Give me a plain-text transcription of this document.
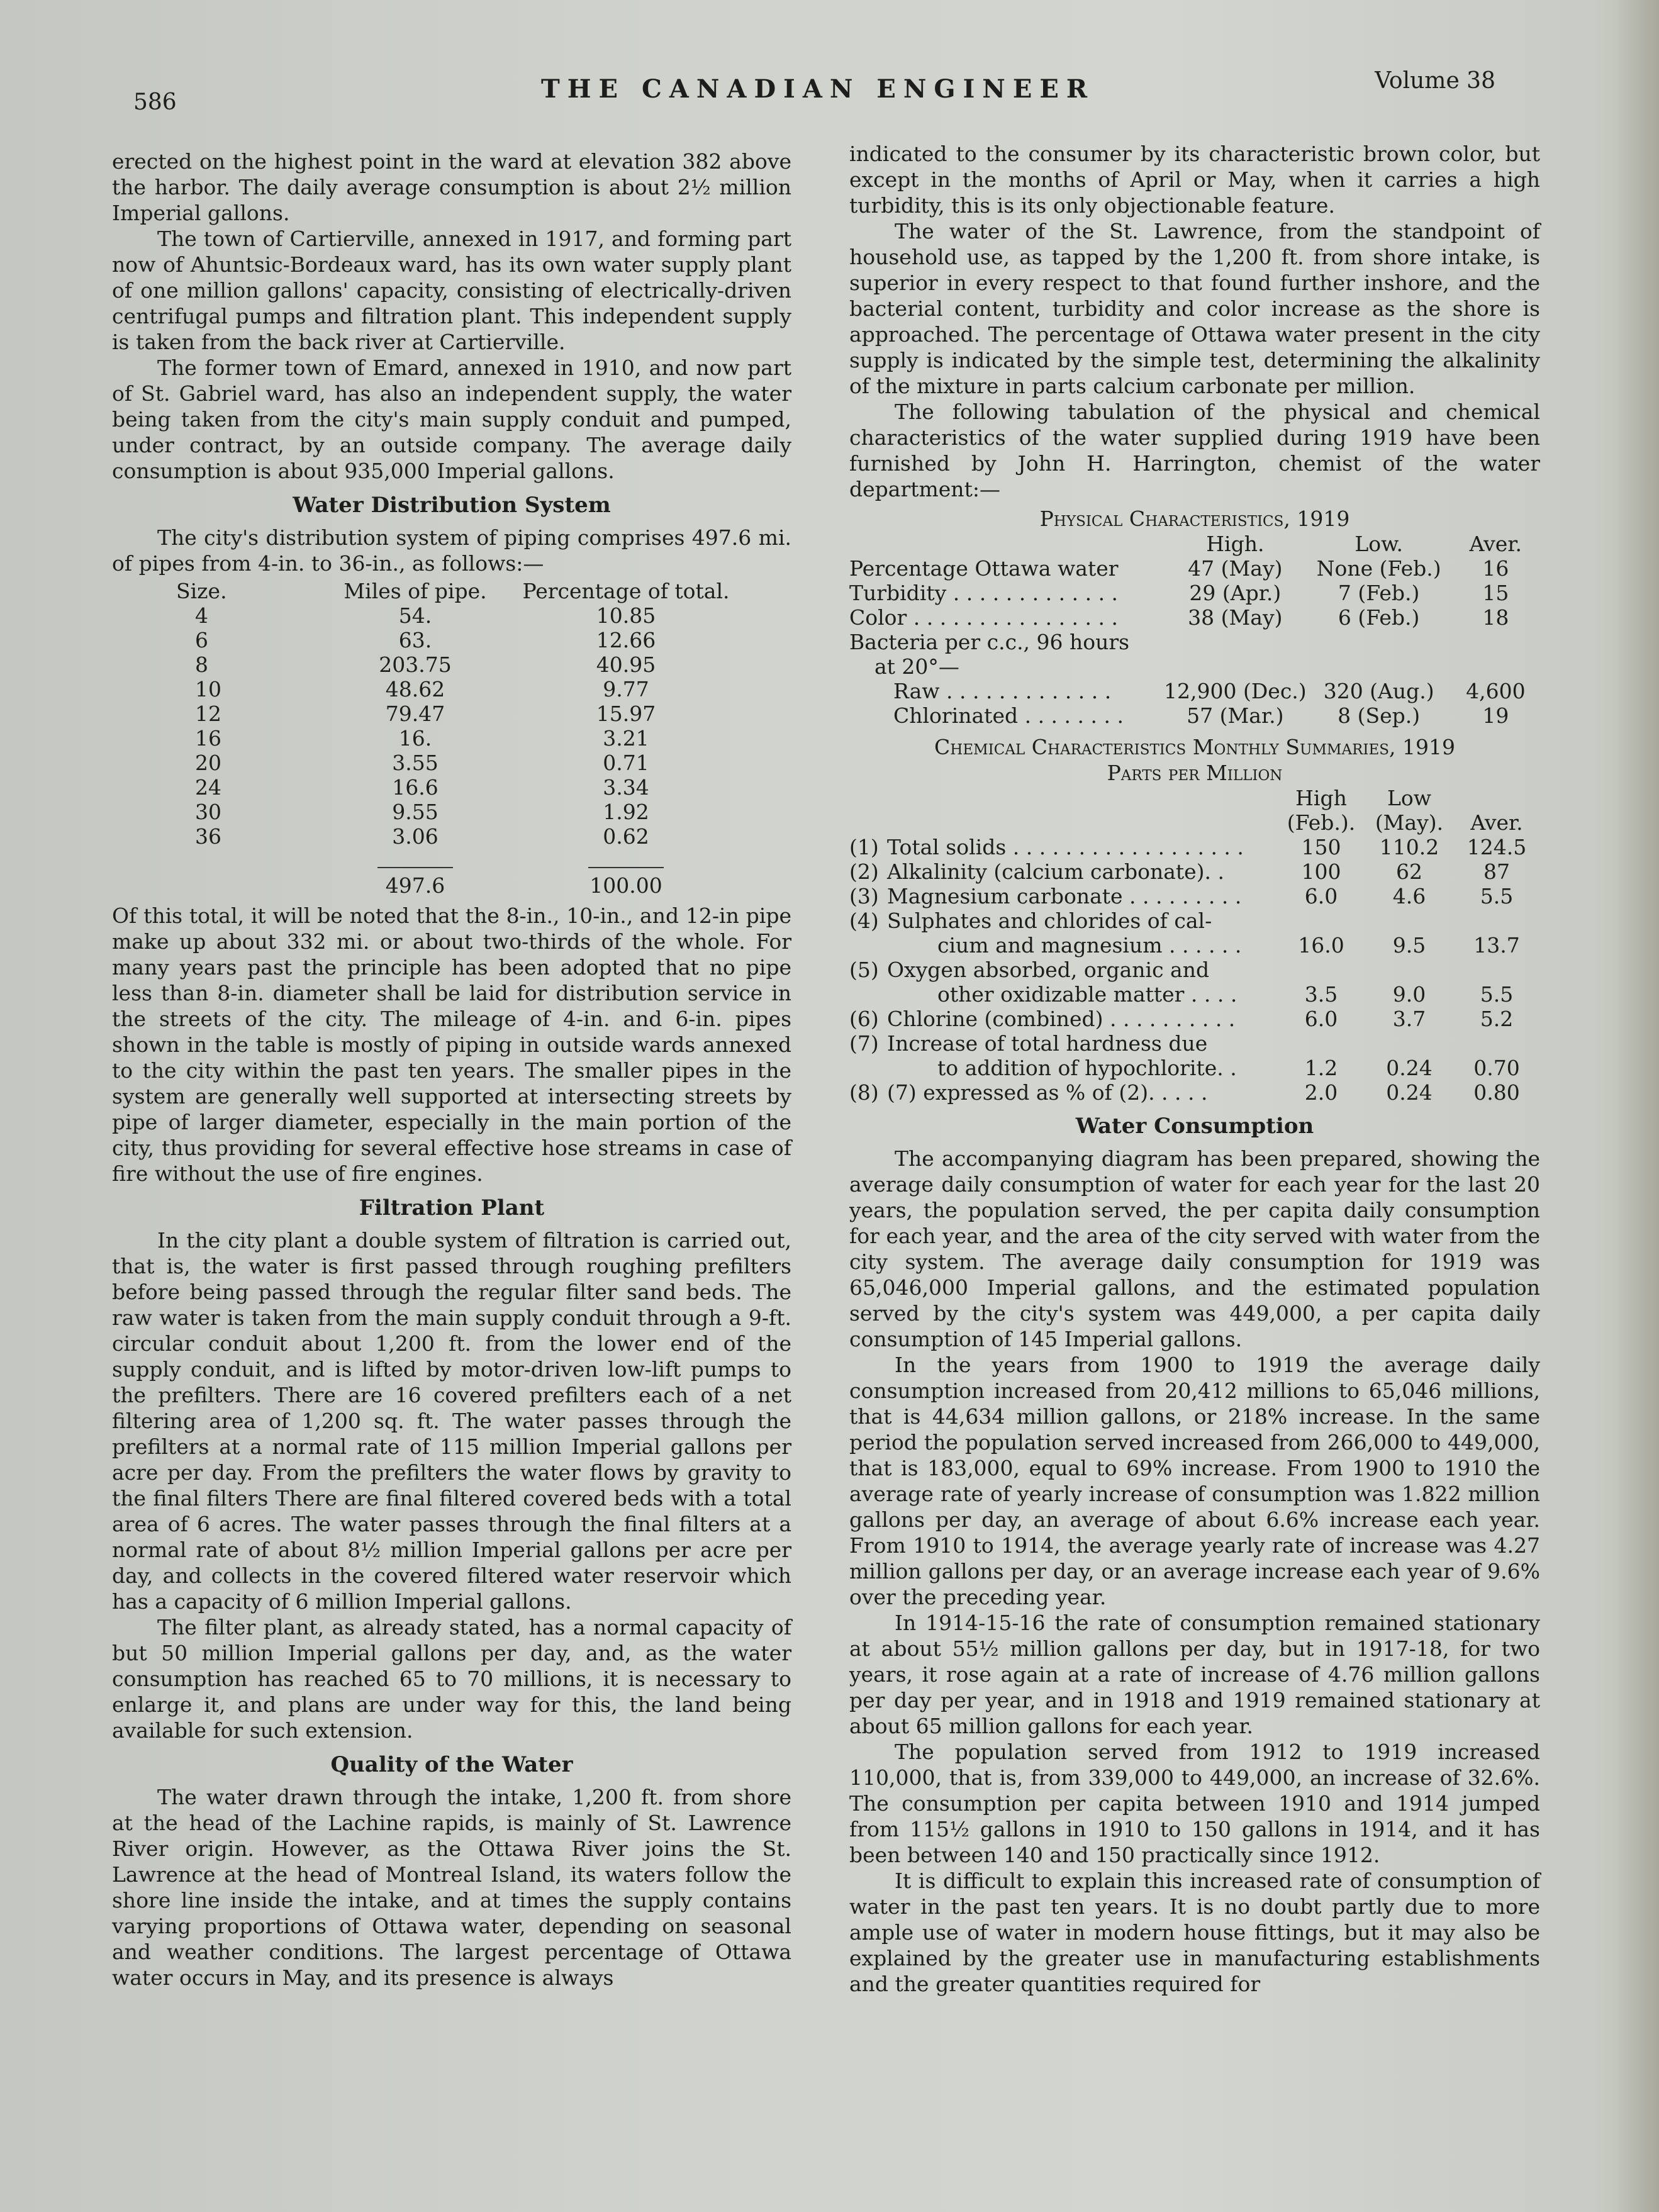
586	THE CANADIAN ENGINEER	Volume 38

erected on the highest point in the ward at elevation 382 above the harbor. The daily average consumption is about 2½ million Imperial gallons.

The town of Cartierville, annexed in 1917, and forming part now of Ahuntsic-Bordeaux ward, has its own water supply plant of one million gallons' capacity, consisting of electrically-driven centrifugal pumps and filtration plant. This independent supply is taken from the back river at Cartierville.

The former town of Emard, annexed in 1910, and now part of St. Gabriel ward, has also an independent supply, the water being taken from the city's main supply conduit and pumped, under contract, by an outside company. The average daily consumption is about 935,000 Imperial gallons.

Water Distribution System

The city's distribution system of piping comprises 497.6 mi. of pipes from 4-in. to 36-in., as follows:—

Size.	Miles of pipe.	Percentage of total.
4	54.	10.85
6	63.	12.66
8	203.75	40.95
10	48.62	9.77
12	79.47	15.97
16	16.	3.21
20	3.55	0.71
24	16.6	3.34
30	9.55	1.92
36	3.06	0.62

	497.6	100.00

Of this total, it will be noted that the 8-in., 10-in., and 12-in pipe make up about 332 mi. or about two-thirds of the whole. For many years past the principle has been adopted that no pipe less than 8-in. diameter shall be laid for distribution service in the streets of the city. The mileage of 4-in. and 6-in. pipes shown in the table is mostly of piping in outside wards annexed to the city within the past ten years. The smaller pipes in the system are generally well supported at intersecting streets by pipe of larger diameter, especially in the main portion of the city, thus providing for several effective hose streams in case of fire without the use of fire engines.

Filtration Plant

In the city plant a double system of filtration is carried out, that is, the water is first passed through roughing prefilters before being passed through the regular filter sand beds. The raw water is taken from the main supply conduit through a 9-ft. circular conduit about 1,200 ft. from the lower end of the supply conduit, and is lifted by motor-driven low-lift pumps to the prefilters. There are 16 covered prefilters each of a net filtering area of 1,200 sq. ft. The water passes through the prefilters at a normal rate of 115 million Imperial gallons per acre per day. From the prefilters the water flows by gravity to the final filters There are final filtered covered beds with a total area of 6 acres. The water passes through the final filters at a normal rate of about 8½ million Imperial gallons per acre per day, and collects in the covered filtered water reservoir which has a capacity of 6 million Imperial gallons.

The filter plant, as already stated, has a normal capacity of but 50 million Imperial gallons per day, and, as the water consumption has reached 65 to 70 millions, it is necessary to enlarge it, and plans are under way for this, the land being available for such extension.

Quality of the Water

The water drawn through the intake, 1,200 ft. from shore at the head of the Lachine rapids, is mainly of St. Lawrence River origin. However, as the Ottawa River joins the St. Lawrence at the head of Montreal Island, its waters follow the shore line inside the intake, and at times the supply contains varying proportions of Ottawa water, depending on seasonal and weather conditions. The largest percentage of Ottawa water occurs in May, and its presence is always

indicated to the consumer by its characteristic brown color, but except in the months of April or May, when it carries a high turbidity, this is its only objectionable feature.

The water of the St. Lawrence, from the standpoint of household use, as tapped by the 1,200 ft. from shore intake, is superior in every respect to that found further inshore, and the bacterial content, turbidity and color increase as the shore is approached. The percentage of Ottawa water present in the city supply is indicated by the simple test, determining the alkalinity of the mixture in parts calcium carbonate per million.

The following tabulation of the physical and chemical characteristics of the water supplied during 1919 have been furnished by John H. Harrington, chemist of the water department:—

Physical Characteristics, 1919
	High.	Low.	Aver.
Percentage Ottawa water	47 (May)	None (Feb.)	16
Turbidity . . . . . . . . . . . . .	29 (Apr.)	7 (Feb.)	15
Color . . . . . . . . . . . . . . . .	38 (May)	6 (Feb.)	18
Bacteria per c.c., 96 hours			
at 20°—			
Raw . . . . . . . . . . . . .	12,900 (Dec.)	320 (Aug.)	4,600
Chlorinated . . . . . . . .	57 (Mar.)	8 (Sep.)	19
Chemical Characteristics Monthly Summaries, 1919
Parts per Million
		High	Low	
		(Feb.).	(May).	Aver.
(1)	Total solids . . . . . . . . . . . . . . . . . .	150	110.2	124.5
(2)	Alkalinity (calcium carbonate). .	100	62	87
(3)	Magnesium carbonate . . . . . . . . .	6.0	4.6	5.5
(4)	Sulphates and chlorides of cal-			
	cium and magnesium . . . . . .	16.0	9.5	13.7
(5)	Oxygen absorbed, organic and			
	other oxidizable matter . . . .	3.5	9.0	5.5
(6)	Chlorine (combined) . . . . . . . . . .	6.0	3.7	5.2
(7)	Increase of total hardness due			
	to addition of hypochlorite. .	1.2	0.24	0.70
(8)	(7) expressed as % of (2). . . . .	2.0	0.24	0.80
Water Consumption

The accompanying diagram has been prepared, showing the average daily consumption of water for each year for the last 20 years, the population served, the per capita daily consumption for each year, and the area of the city served with water from the city system. The average daily consumption for 1919 was 65,046,000 Imperial gallons, and the estimated population served by the city's system was 449,000, a per capita daily consumption of 145 Imperial gallons.

In the years from 1900 to 1919 the average daily consumption increased from 20,412 millions to 65,046 millions, that is 44,634 million gallons, or 218% increase. In the same period the population served increased from 266,000 to 449,000, that is 183,000, equal to 69% increase. From 1900 to 1910 the average rate of yearly increase of consumption was 1.822 million gallons per day, an average of about 6.6% increase each year. From 1910 to 1914, the average yearly rate of increase was 4.27 million gallons per day, or an average increase each year of 9.6% over the preceding year.

In 1914-15-16 the rate of consumption remained stationary at about 55½ million gallons per day, but in 1917-18, for two years, it rose again at a rate of increase of 4.76 million gallons per day per year, and in 1918 and 1919 remained stationary at about 65 million gallons for each year.

The population served from 1912 to 1919 increased 110,000, that is, from 339,000 to 449,000, an increase of 32.6%. The consumption per capita between 1910 and 1914 jumped from 115½ gallons in 1910 to 150 gallons in 1914, and it has been between 140 and 150 practically since 1912.

It is difficult to explain this increased rate of consumption of water in the past ten years. It is no doubt partly due to more ample use of water in modern house fittings, but it may also be explained by the greater use in manufacturing establishments and the greater quantities required for
